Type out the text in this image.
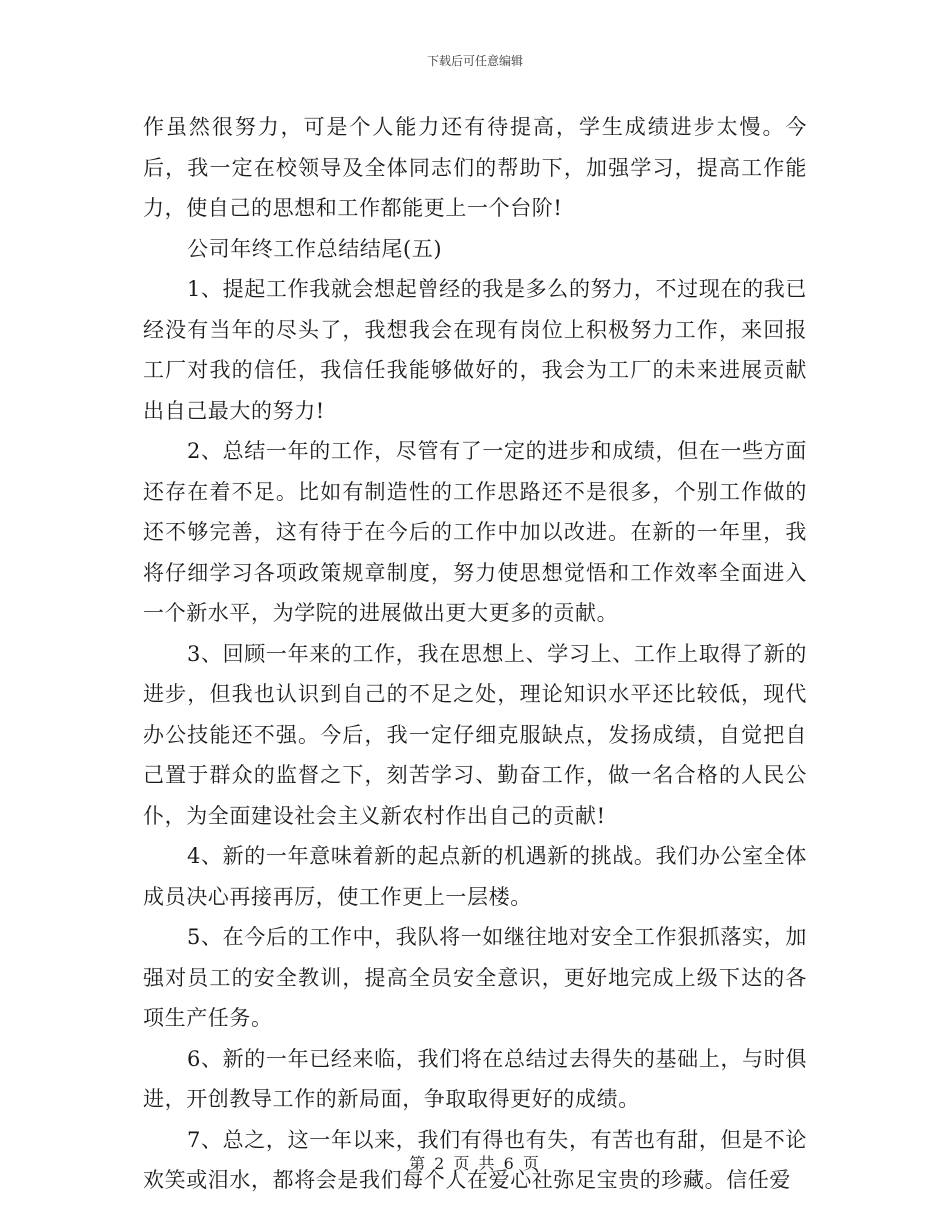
下载后可任意编辑

作虽然很努力，可是个人能力还有待提高，学生成绩进步太慢。今后，我一定在校领导及全体同志们的帮助下，加强学习，提高工作能力，使自己的思想和工作都能更上一个台阶!

公司年终工作总结结尾(五)

1、提起工作我就会想起曾经的我是多么的努力，不过现在的我已经没有当年的尽头了，我想我会在现有岗位上积极努力工作，来回报工厂对我的信任，我信任我能够做好的，我会为工厂的未来进展贡献出自己最大的努力!

2、总结一年的工作，尽管有了一定的进步和成绩，但在一些方面还存在着不足。比如有制造性的工作思路还不是很多，个别工作做的还不够完善，这有待于在今后的工作中加以改进。在新的一年里，我将仔细学习各项政策规章制度，努力使思想觉悟和工作效率全面进入一个新水平，为学院的进展做出更大更多的贡献。

3、回顾一年来的工作，我在思想上、学习上、工作上取得了新的进步，但我也认识到自己的不足之处，理论知识水平还比较低，现代办公技能还不强。今后，我一定仔细克服缺点，发扬成绩，自觉把自己置于群众的监督之下，刻苦学习、勤奋工作，做一名合格的人民公仆，为全面建设社会主义新农村作出自己的贡献!

4、新的一年意味着新的起点新的机遇新的挑战。我们办公室全体成员决心再接再厉，使工作更上一层楼。

5、在今后的工作中，我队将一如继往地对安全工作狠抓落实，加强对员工的安全教训，提高全员安全意识，更好地完成上级下达的各项生产任务。

6、新的一年已经来临，我们将在总结过去得失的基础上，与时俱进，开创教导工作的新局面，争取取得更好的成绩。

7、总之，这一年以来，我们有得也有失，有苦也有甜，但是不论欢笑或泪水，都将会是我们每个人在爱心社弥足宝贵的珍藏。信任爱

第 2 页 共 6 页
